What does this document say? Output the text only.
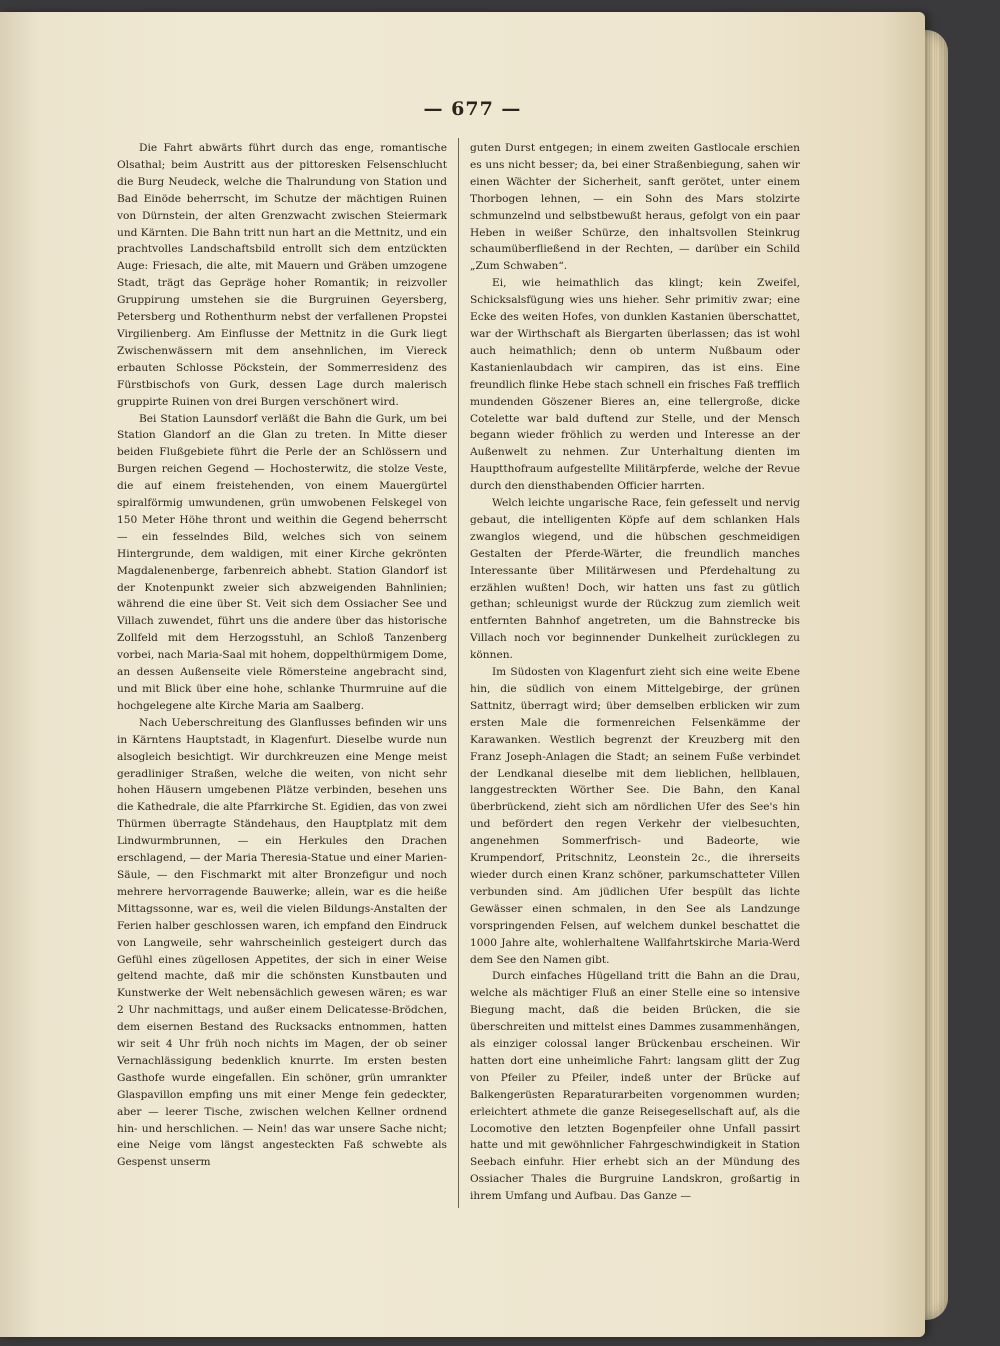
— 677 —

Die Fahrt abwärts führt durch das enge, romantische Olsathal; beim Austritt aus der pittoresken Felsenschlucht die Burg Neudeck, welche die Thalrundung von Station und Bad Einöde beherrscht, im Schutze der mächtigen Ruinen von Dürnstein, der alten Grenzwacht zwischen Steiermark und Kärnten. Die Bahn tritt nun hart an die Mettnitz, und ein prachtvolles Landschaftsbild entrollt sich dem entzückten Auge: Friesach, die alte, mit Mauern und Gräben umzogene Stadt, trägt das Gepräge hoher Romantik; in reizvoller Gruppirung umstehen sie die Burgruinen Geyersberg, Petersberg und Rothenthurm nebst der verfallenen Propstei Virgilienberg. Am Einflusse der Mettnitz in die Gurk liegt Zwischenwässern mit dem ansehnlichen, im Viereck erbauten Schlosse Pöckstein, der Sommerresidenz des Fürstbischofs von Gurk, dessen Lage durch malerisch gruppirte Ruinen von drei Burgen verschönert wird.

Bei Station Launsdorf verläßt die Bahn die Gurk, um bei Station Glandorf an die Glan zu treten. In Mitte dieser beiden Flußgebiete führt die Perle der an Schlössern und Burgen reichen Gegend — Hochosterwitz, die stolze Veste, die auf einem freistehenden, von einem Mauergürtel spiralförmig umwundenen, grün umwobenen Felskegel von 150 Meter Höhe thront und weithin die Gegend beherrscht — ein fesselndes Bild, welches sich von seinem Hintergrunde, dem waldigen, mit einer Kirche gekrönten Magdalenenberge, farbenreich abhebt. Station Glandorf ist der Knotenpunkt zweier sich abzweigenden Bahnlinien; während die eine über St. Veit sich dem Ossiacher See und Villach zuwendet, führt uns die andere über das historische Zollfeld mit dem Herzogsstuhl, an Schloß Tanzenberg vorbei, nach Maria-Saal mit hohem, doppelthürmigem Dome, an dessen Außenseite viele Römersteine angebracht sind, und mit Blick über eine hohe, schlanke Thurmruine auf die hochgelegene alte Kirche Maria am Saalberg.

Nach Ueberschreitung des Glanflusses befinden wir uns in Kärntens Hauptstadt, in Klagenfurt. Dieselbe wurde nun alsogleich besichtigt. Wir durchkreuzen eine Menge meist geradliniger Straßen, welche die weiten, von nicht sehr hohen Häusern umgebenen Plätze verbinden, besehen uns die Kathedrale, die alte Pfarrkirche St. Egidien, das von zwei Thürmen überragte Ständehaus, den Hauptplatz mit dem Lindwurmbrunnen, — ein Herkules den Drachen erschlagend, — der Maria Theresia-Statue und einer Marien-Säule, — den Fischmarkt mit alter Bronzefigur und noch mehrere hervorragende Bauwerke; allein, war es die heiße Mittagssonne, war es, weil die vielen Bildungs-Anstalten der Ferien halber geschlossen waren, ich empfand den Eindruck von Langweile, sehr wahrscheinlich gesteigert durch das Gefühl eines zügellosen Appetites, der sich in einer Weise geltend machte, daß mir die schönsten Kunstbauten und Kunstwerke der Welt nebensächlich gewesen wären; es war 2 Uhr nachmittags, und außer einem Delicatesse-Brödchen, dem eisernen Bestand des Rucksacks entnommen, hatten wir seit 4 Uhr früh noch nichts im Magen, der ob seiner Vernachlässigung bedenklich knurrte. Im ersten besten Gasthofe wurde eingefallen. Ein schöner, grün umrankter Glaspavillon empfing uns mit einer Menge fein gedeckter, aber — leerer Tische, zwischen welchen Kellner ordnend hin- und herschlichen. — Nein! das war unsere Sache nicht; eine Neige vom längst angesteckten Faß schwebte als Gespenst unserm

guten Durst entgegen; in einem zweiten Gastlocale erschien es uns nicht besser; da, bei einer Straßenbiegung, sahen wir einen Wächter der Sicherheit, sanft gerötet, unter einem Thorbogen lehnen, — ein Sohn des Mars stolzirte schmunzelnd und selbstbewußt heraus, gefolgt von ein paar Heben in weißer Schürze, den inhaltsvollen Steinkrug schaumüberfließend in der Rechten, — darüber ein Schild „Zum Schwaben“.

Ei, wie heimathlich das klingt; kein Zweifel, Schicksalsfügung wies uns hieher. Sehr primitiv zwar; eine Ecke des weiten Hofes, von dunklen Kastanien überschattet, war der Wirthschaft als Biergarten überlassen; das ist wohl auch heimathlich; denn ob unterm Nußbaum oder Kastanienlaubdach wir campiren, das ist eins. Eine freundlich flinke Hebe stach schnell ein frisches Faß trefflich mundenden Göszener Bieres an, eine tellergroße, dicke Cotelette war bald duftend zur Stelle, und der Mensch begann wieder fröhlich zu werden und Interesse an der Außenwelt zu nehmen. Zur Unterhaltung dienten im Hauptthofraum aufgestellte Militärpferde, welche der Revue durch den diensthabenden Officier harrten.

Welch leichte ungarische Race, fein gefesselt und nervig gebaut, die intelligenten Köpfe auf dem schlanken Hals zwanglos wiegend, und die hübschen geschmeidigen Gestalten der Pferde-Wärter, die freundlich manches Interessante über Militärwesen und Pferdehaltung zu erzählen wußten! Doch, wir hatten uns fast zu gütlich gethan; schleunigst wurde der Rückzug zum ziemlich weit entfernten Bahnhof angetreten, um die Bahnstrecke bis Villach noch vor beginnender Dunkelheit zurücklegen zu können.

Im Südosten von Klagenfurt zieht sich eine weite Ebene hin, die südlich von einem Mittelgebirge, der grünen Sattnitz, überragt wird; über demselben erblicken wir zum ersten Male die formenreichen Felsenkämme der Karawanken. Westlich begrenzt der Kreuzberg mit den Franz Joseph-Anlagen die Stadt; an seinem Fuße verbindet der Lendkanal dieselbe mit dem lieblichen, hellblauen, langgestreckten Wörther See. Die Bahn, den Kanal überbrückend, zieht sich am nördlichen Ufer des See's hin und befördert den regen Verkehr der vielbesuchten, angenehmen Sommerfrisch- und Badeorte, wie Krumpendorf, Pritschnitz, Leonstein 2c., die ihrerseits wieder durch einen Kranz schöner, parkumschatteter Villen verbunden sind. Am jüdlichen Ufer bespült das lichte Gewässer einen schmalen, in den See als Landzunge vorspringenden Felsen, auf welchem dunkel beschattet die 1000 Jahre alte, wohlerhaltene Wallfahrtskirche Maria-Werd dem See den Namen gibt.

Durch einfaches Hügelland tritt die Bahn an die Drau, welche als mächtiger Fluß an einer Stelle eine so intensive Biegung macht, daß die beiden Brücken, die sie überschreiten und mittelst eines Dammes zusammenhängen, als einziger colossal langer Brückenbau erscheinen. Wir hatten dort eine unheimliche Fahrt: langsam glitt der Zug von Pfeiler zu Pfeiler, indeß unter der Brücke auf Balkengerüsten Reparaturarbeiten vorgenommen wurden; erleichtert athmete die ganze Reisegesellschaft auf, als die Locomotive den letzten Bogenpfeiler ohne Unfall passirt hatte und mit gewöhnlicher Fahrgeschwindigkeit in Station Seebach einfuhr. Hier erhebt sich an der Mündung des Ossiacher Thales die Burgruine Landskron, großartig in ihrem Umfang und Aufbau. Das Ganze —
